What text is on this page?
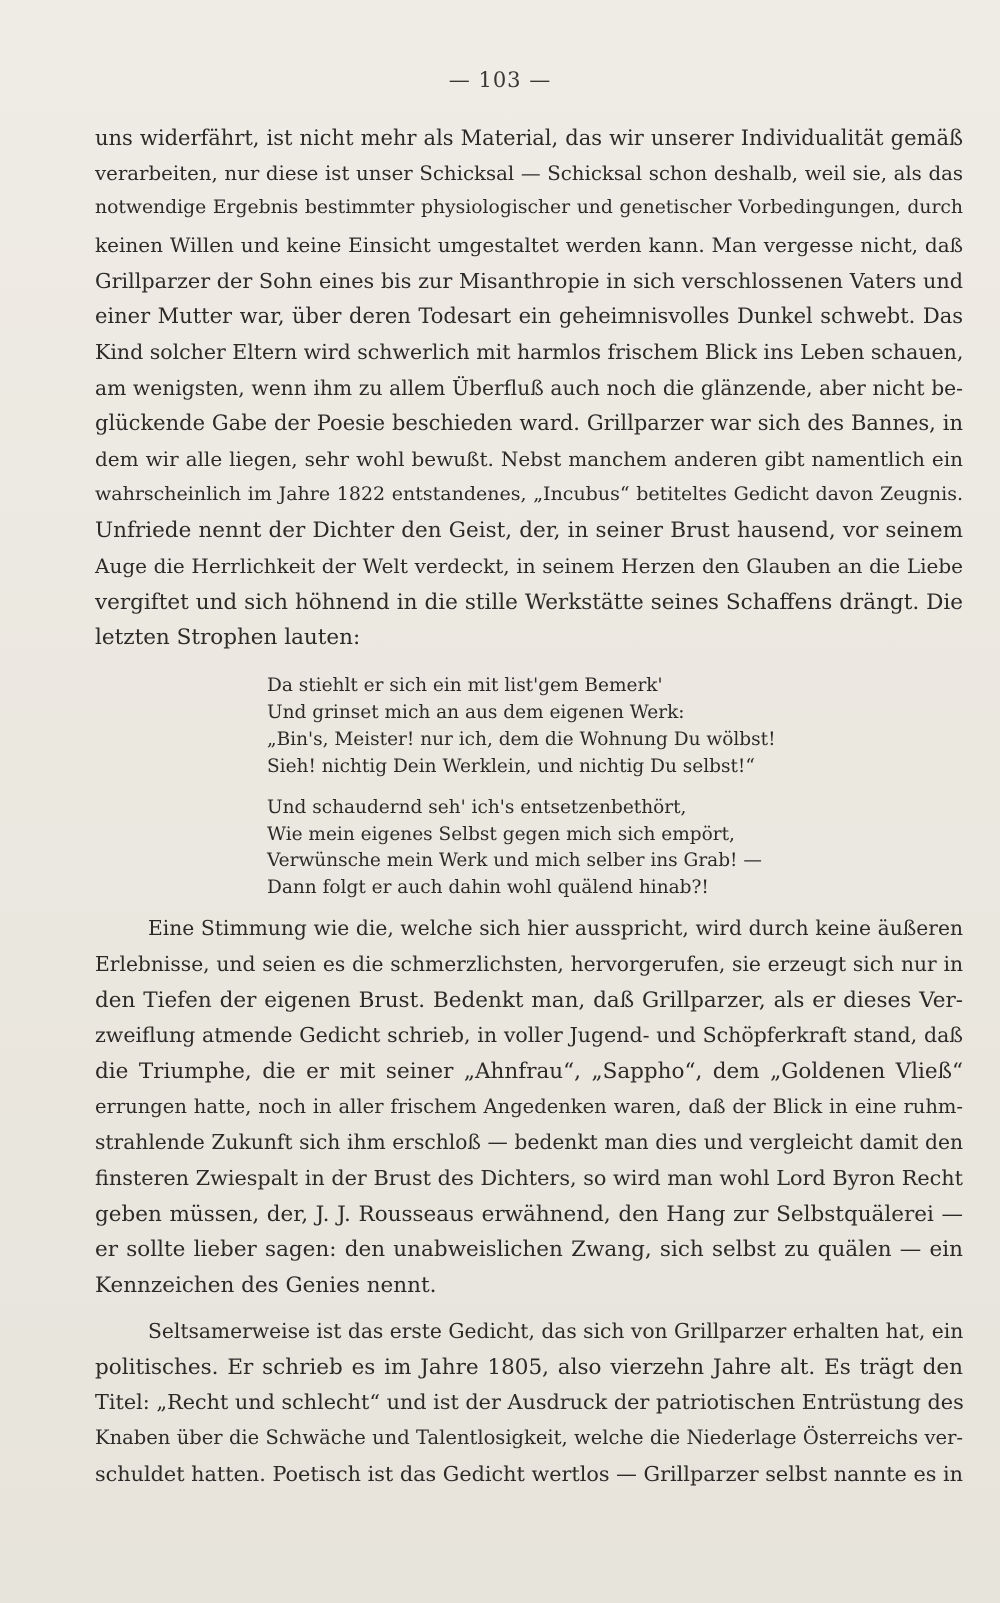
— 103 —
uns widerfährt, ist nicht mehr als Material, das wir unserer Individualität gemäß
verarbeiten, nur diese ist unser Schicksal — Schicksal schon deshalb, weil sie, als das
notwendige Ergebnis bestimmter physiologischer und genetischer Vorbedingungen, durch
keinen Willen und keine Einsicht umgestaltet werden kann. Man vergesse nicht, daß
Grillparzer der Sohn eines bis zur Misanthropie in sich verschlossenen Vaters und
einer Mutter war, über deren Todesart ein geheimnisvolles Dunkel schwebt. Das
Kind solcher Eltern wird schwerlich mit harmlos frischem Blick ins Leben schauen,
am wenigsten, wenn ihm zu allem Überfluß auch noch die glänzende, aber nicht be-
glückende Gabe der Poesie beschieden ward. Grillparzer war sich des Bannes, in
dem wir alle liegen, sehr wohl bewußt. Nebst manchem anderen gibt namentlich ein
wahrscheinlich im Jahre 1822 entstandenes, „Incubus“ betiteltes Gedicht davon Zeugnis.
Unfriede nennt der Dichter den Geist, der, in seiner Brust hausend, vor seinem
Auge die Herrlichkeit der Welt verdeckt, in seinem Herzen den Glauben an die Liebe
vergiftet und sich höhnend in die stille Werkstätte seines Schaffens drängt. Die
letzten Strophen lauten:
Da stiehlt er sich ein mit list'gem Bemerk'
Und grinset mich an aus dem eigenen Werk:
„Bin's, Meister! nur ich, dem die Wohnung Du wölbst!
Sieh! nichtig Dein Werklein, und nichtig Du selbst!“
Und schaudernd seh' ich's entsetzenbethört,
Wie mein eigenes Selbst gegen mich sich empört,
Verwünsche mein Werk und mich selber ins Grab! —
Dann folgt er auch dahin wohl quälend hinab?!
Eine Stimmung wie die, welche sich hier ausspricht, wird durch keine äußeren
Erlebnisse, und seien es die schmerzlichsten, hervorgerufen, sie erzeugt sich nur in
den Tiefen der eigenen Brust. Bedenkt man, daß Grillparzer, als er dieses Ver-
zweiflung atmende Gedicht schrieb, in voller Jugend- und Schöpferkraft stand, daß
die Triumphe, die er mit seiner „Ahnfrau“, „Sappho“, dem „Goldenen Vließ“
errungen hatte, noch in aller frischem Angedenken waren, daß der Blick in eine ruhm-
strahlende Zukunft sich ihm erschloß — bedenkt man dies und vergleicht damit den
finsteren Zwiespalt in der Brust des Dichters, so wird man wohl Lord Byron Recht
geben müssen, der, J. J. Rousseaus erwähnend, den Hang zur Selbstquälerei —
er sollte lieber sagen: den unabweislichen Zwang, sich selbst zu quälen — ein
Kennzeichen des Genies nennt.
Seltsamerweise ist das erste Gedicht, das sich von Grillparzer erhalten hat, ein
politisches. Er schrieb es im Jahre 1805, also vierzehn Jahre alt. Es trägt den
Titel: „Recht und schlecht“ und ist der Ausdruck der patriotischen Entrüstung des
Knaben über die Schwäche und Talentlosigkeit, welche die Niederlage Österreichs ver-
schuldet hatten. Poetisch ist das Gedicht wertlos — Grillparzer selbst nannte es in
